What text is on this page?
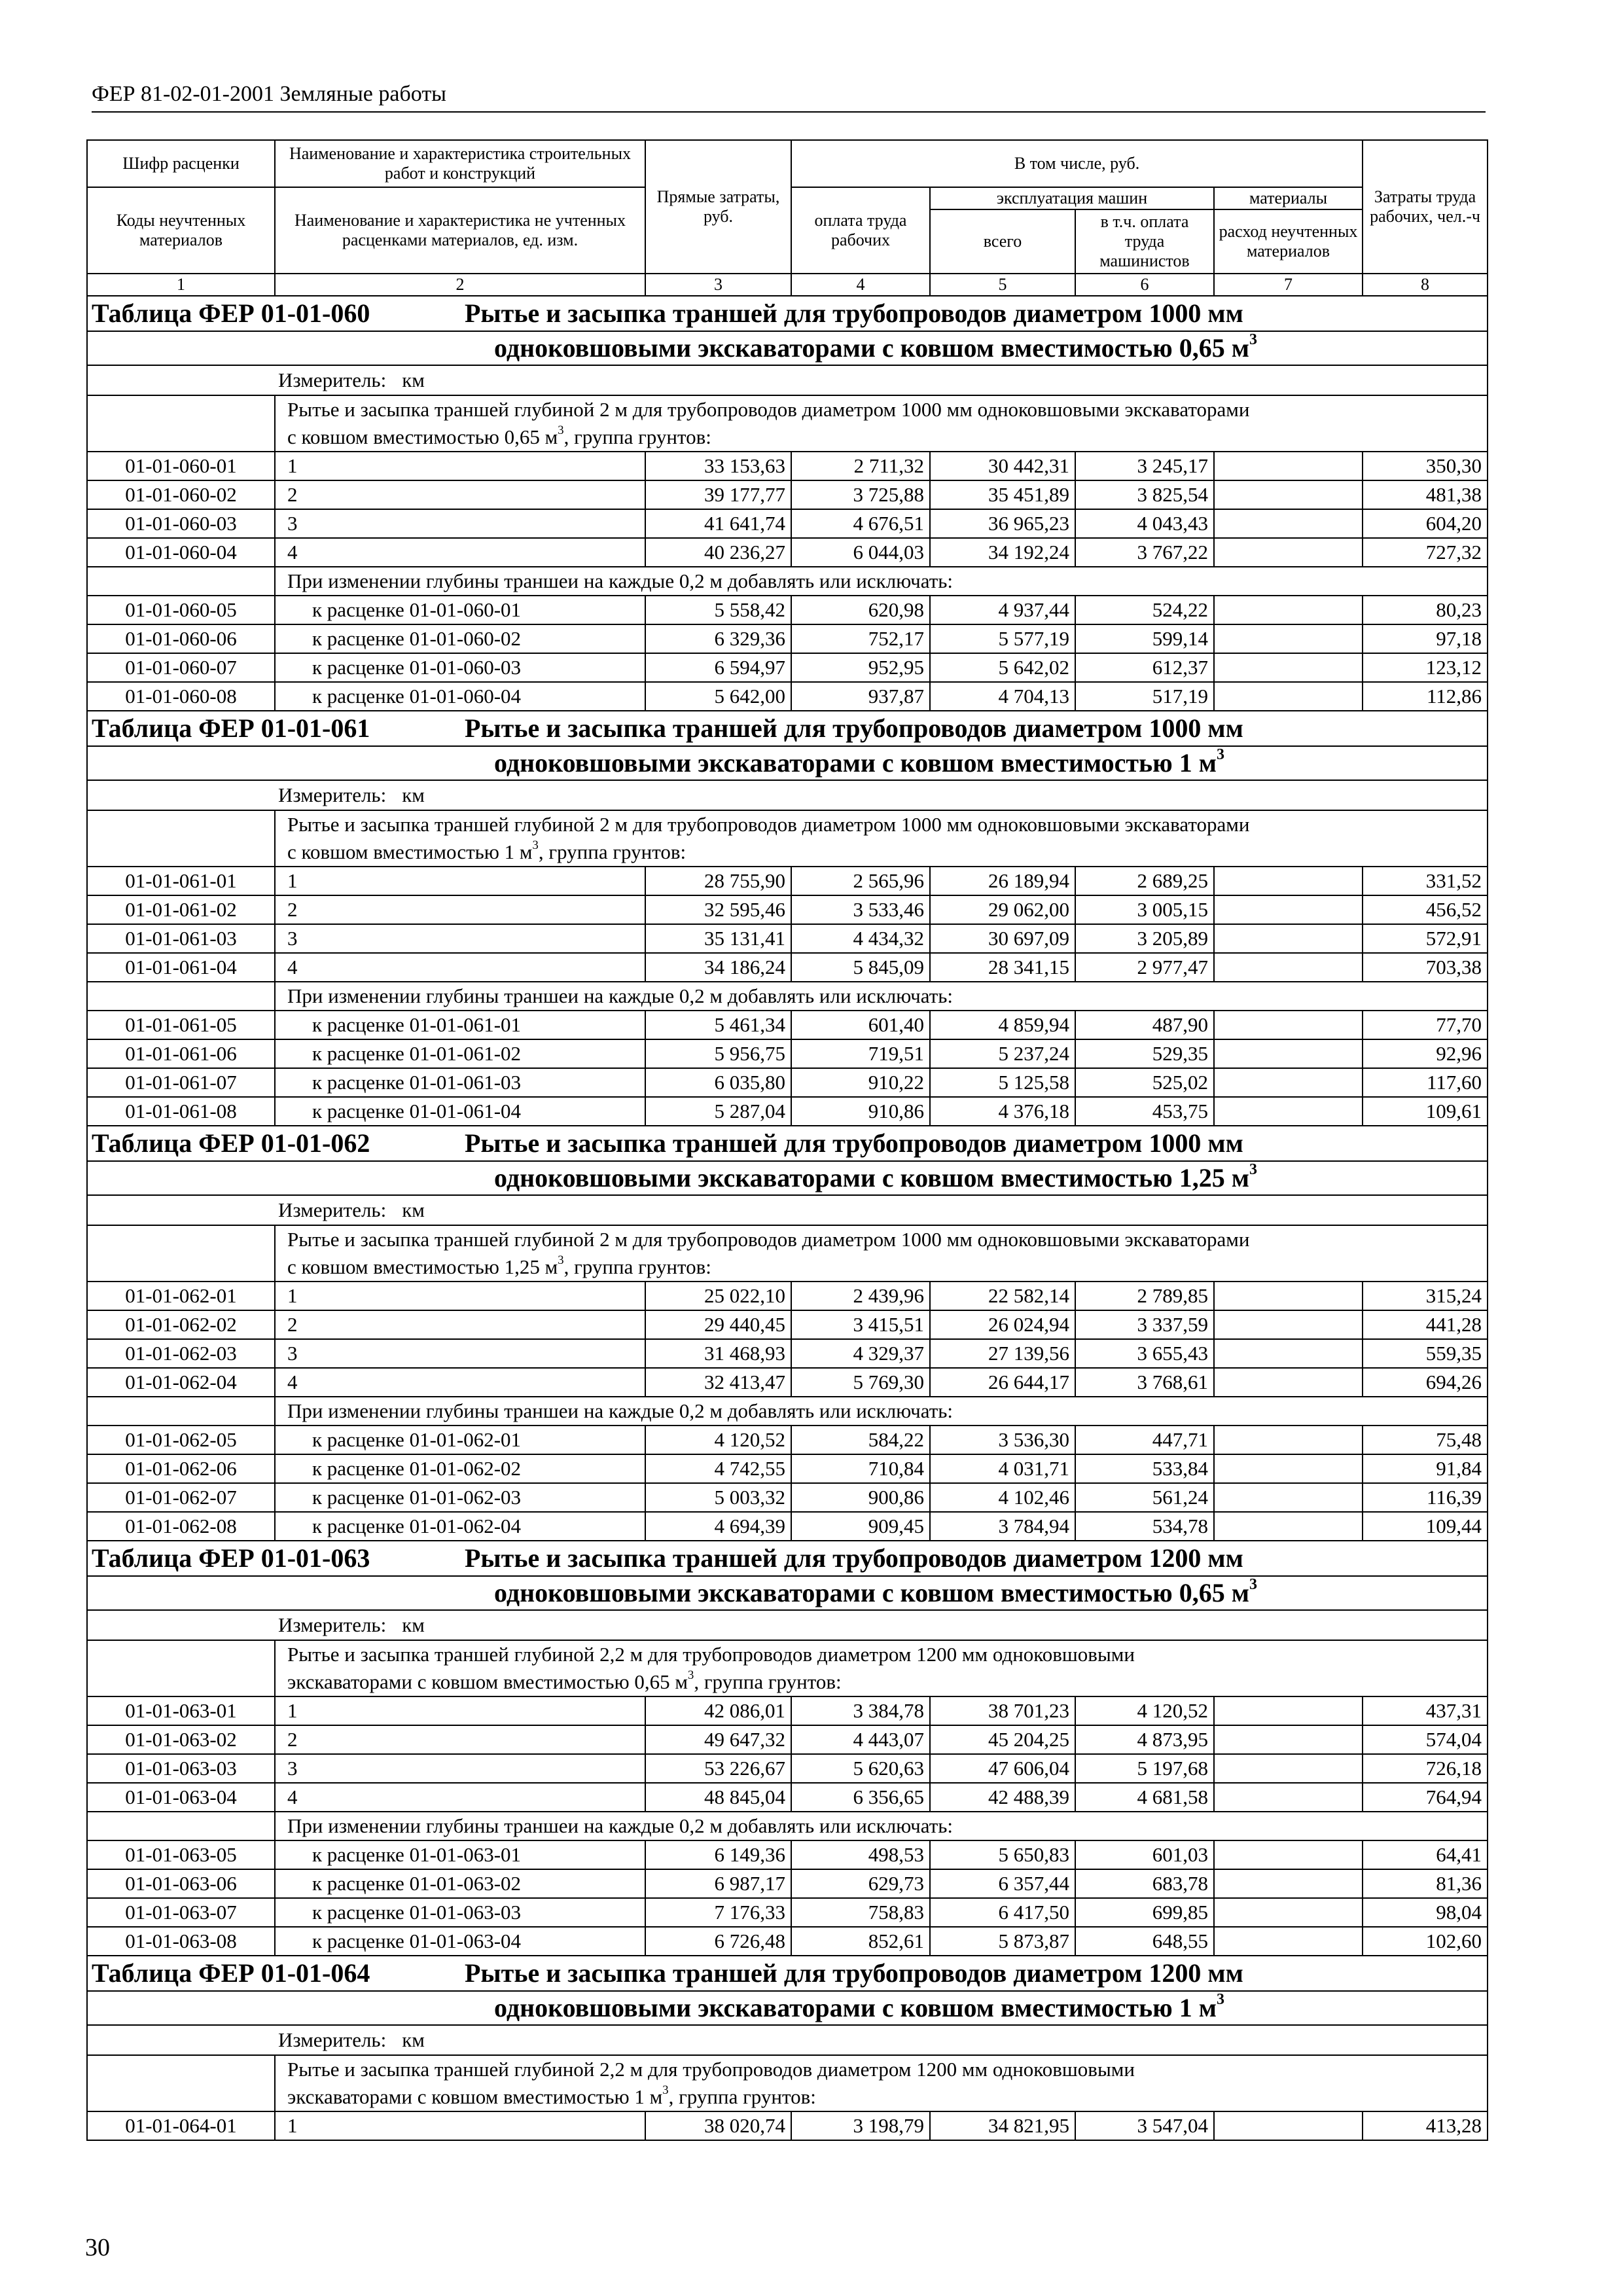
ФЕР 81-02-01-2001 Земляные работы
Шифр расценки	Наименование и характеристика строительных работ и конструкций	Прямые затраты, руб.	В том числе, руб.				Затраты труда рабочих, чел.-ч
Коды неучтенных материалов	Наименование и характеристика не учтенных расценками материалов, ед. изм.		оплата труда рабочих	эксплуатация машин		материалы	
				всего	в т.ч. оплата труда машинистов	расход неучтенных материалов	
1	2	3	4	5	6	7	8
Таблица ФЕР 01-01-060 Рытье и засыпка траншей для трубопроводов диаметром 1000 мм							
одноковшовыми экскаваторами с ковшом вместимостью 0,65 $м^3$
Измеритель: км							
	Рытье и засыпка траншей глубиной 2 м для трубопроводов диаметром 1000 мм одноковшовыми экскаваторами						
	с ковшом вместимостью 0,65 $м^3$, группа грунтов:						
01-01-060-01	1	33 153,63	2 711,32	30 442,31	3 245,17		350,30
01-01-060-02	2	39 177,77	3 725,88	35 451,89	3 825,54		481,38
01-01-060-03	3	41 641,74	4 676,51	36 965,23	4 043,43		604,20
01-01-060-04	4	40 236,27	6 044,03	34 192,24	3 767,22		727,32
	При изменении глубины траншеи на каждые 0,2 м добавлять или исключать:						
01-01-060-05	к расценке 01-01-060-01	5 558,42	620,98	4 937,44	524,22		80,23
01-01-060-06	к расценке 01-01-060-02	6 329,36	752,17	5 577,19	599,14		97,18
01-01-060-07	к расценке 01-01-060-03	6 594,97	952,95	5 642,02	612,37		123,12
01-01-060-08	к расценке 01-01-060-04	5 642,00	937,87	4 704,13	517,19		112,86
Таблица ФЕР 01-01-061 Рытье и засыпка траншей для трубопроводов диаметром 1000 мм							
одноковшовыми экскаваторами с ковшом вместимостью 1 $м^3$
Измеритель: км							
	Рытье и засыпка траншей глубиной 2 м для трубопроводов диаметром 1000 мм одноковшовыми экскаваторами						
	с ковшом вместимостью 1 $м^3$, группа грунтов:						
01-01-061-01	1	28 755,90	2 565,96	26 189,94	2 689,25		331,52
01-01-061-02	2	32 595,46	3 533,46	29 062,00	3 005,15		456,52
01-01-061-03	3	35 131,41	4 434,32	30 697,09	3 205,89		572,91
01-01-061-04	4	34 186,24	5 845,09	28 341,15	2 977,47		703,38
	При изменении глубины траншеи на каждые 0,2 м добавлять или исключать:						
01-01-061-05	к расценке 01-01-061-01	5 461,34	601,40	4 859,94	487,90		77,70
01-01-061-06	к расценке 01-01-061-02	5 956,75	719,51	5 237,24	529,35		92,96
01-01-061-07	к расценке 01-01-061-03	6 035,80	910,22	5 125,58	525,02		117,60
01-01-061-08	к расценке 01-01-061-04	5 287,04	910,86	4 376,18	453,75		109,61
Таблица ФЕР 01-01-062 Рытье и засыпка траншей для трубопроводов диаметром 1000 мм							
одноковшовыми экскаваторами с ковшом вместимостью 1,25 $м^3$
Измеритель: км							
	Рытье и засыпка траншей глубиной 2 м для трубопроводов диаметром 1000 мм одноковшовыми экскаваторами						
	с ковшом вместимостью 1,25 $м^3$, группа грунтов:						
01-01-062-01	1	25 022,10	2 439,96	22 582,14	2 789,85		315,24
01-01-062-02	2	29 440,45	3 415,51	26 024,94	3 337,59		441,28
01-01-062-03	3	31 468,93	4 329,37	27 139,56	3 655,43		559,35
01-01-062-04	4	32 413,47	5 769,30	26 644,17	3 768,61		694,26
	При изменении глубины траншеи на каждые 0,2 м добавлять или исключать:						
01-01-062-05	к расценке 01-01-062-01	4 120,52	584,22	3 536,30	447,71		75,48
01-01-062-06	к расценке 01-01-062-02	4 742,55	710,84	4 031,71	533,84		91,84
01-01-062-07	к расценке 01-01-062-03	5 003,32	900,86	4 102,46	561,24		116,39
01-01-062-08	к расценке 01-01-062-04	4 694,39	909,45	3 784,94	534,78		109,44
Таблица ФЕР 01-01-063 Рытье и засыпка траншей для трубопроводов диаметром 1200 мм							
одноковшовыми экскаваторами с ковшом вместимостью 0,65 $м^3$
Измеритель: км							
	Рытье и засыпка траншей глубиной 2,2 м для трубопроводов диаметром 1200 мм одноковшовыми						
	экскаваторами с ковшом вместимостью 0,65 $м^3$, группа грунтов:						
01-01-063-01	1	42 086,01	3 384,78	38 701,23	4 120,52		437,31
01-01-063-02	2	49 647,32	4 443,07	45 204,25	4 873,95		574,04
01-01-063-03	3	53 226,67	5 620,63	47 606,04	5 197,68		726,18
01-01-063-04	4	48 845,04	6 356,65	42 488,39	4 681,58		764,94
	При изменении глубины траншеи на каждые 0,2 м добавлять или исключать:						
01-01-063-05	к расценке 01-01-063-01	6 149,36	498,53	5 650,83	601,03		64,41
01-01-063-06	к расценке 01-01-063-02	6 987,17	629,73	6 357,44	683,78		81,36
01-01-063-07	к расценке 01-01-063-03	7 176,33	758,83	6 417,50	699,85		98,04
01-01-063-08	к расценке 01-01-063-04	6 726,48	852,61	5 873,87	648,55		102,60
Таблица ФЕР 01-01-064 Рытье и засыпка траншей для трубопроводов диаметром 1200 мм							
одноковшовыми экскаваторами с ковшом вместимостью 1 $м^3$
Измеритель: км							
	Рытье и засыпка траншей глубиной 2,2 м для трубопроводов диаметром 1200 мм одноковшовыми						
	экскаваторами с ковшом вместимостью 1 $м^3$, группа грунтов:						
01-01-064-01	1	38 020,74	3 198,79	34 821,95	3 547,04		413,28
30
